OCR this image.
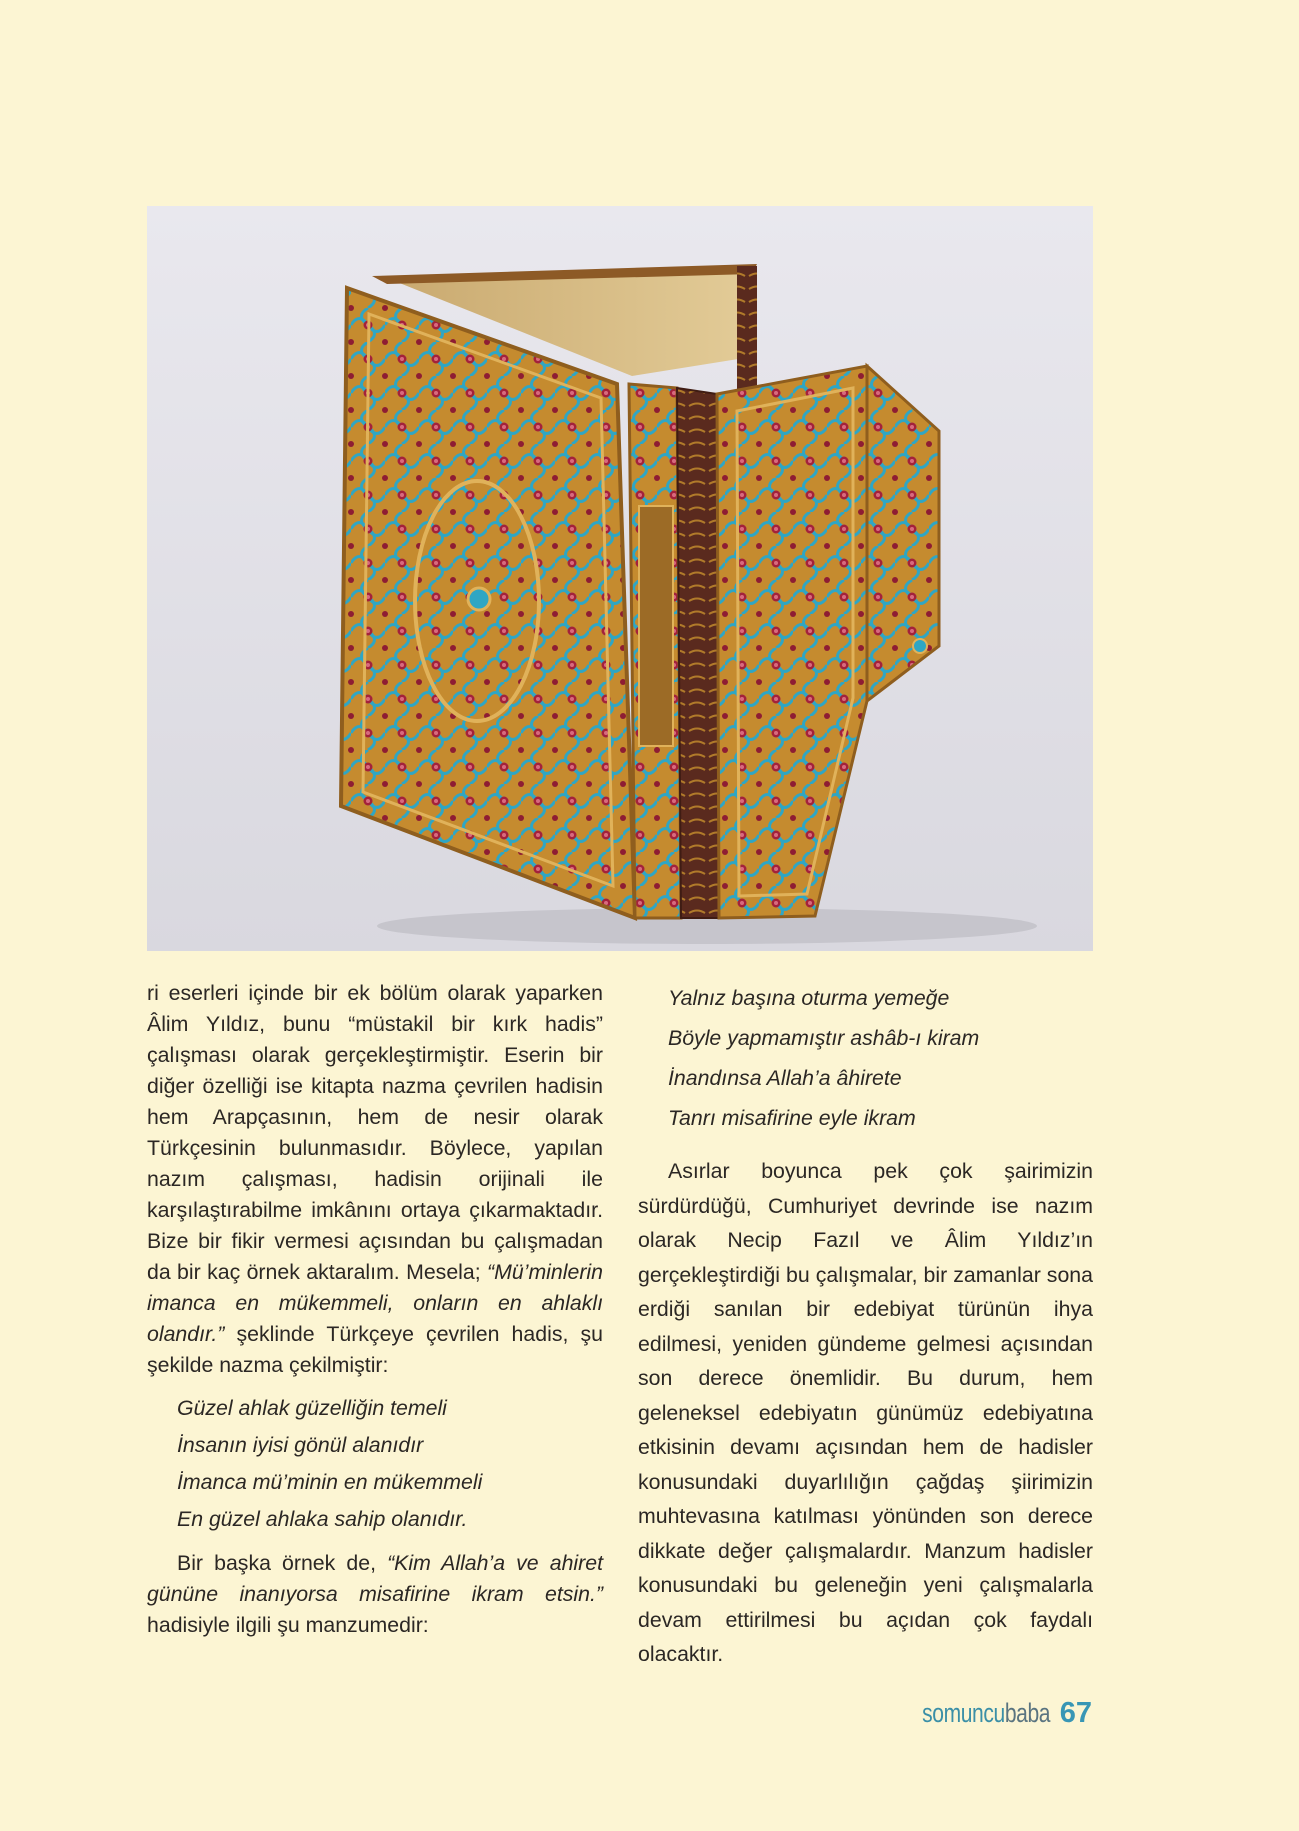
ri eserleri içinde bir ek bölüm olarak yaparken Âlim Yıldız, bunu “müstakil bir kırk hadis” çalışması olarak gerçekleştirmiştir. Eserin bir diğer özelliği ise kitapta nazma çevrilen hadisin hem Arapçasının, hem de nesir olarak Türkçesinin bulunmasıdır. Böylece, yapılan nazım çalışması, hadisin orijinali ile karşılaştırabilme imkânını ortaya çıkarmaktadır. Bize bir fikir vermesi açısından bu çalışmadan da bir kaç örnek aktaralım. Mesela; “Mü’minlerin imanca en mükemmeli, onların en ahlaklı olandır.” şeklinde Türkçeye çevrilen hadis, şu şekilde nazma çekilmiştir:

Güzel ahlak güzelliğin temeli
İnsanın iyisi gönül alanıdır
İmanca mü’minin en mükemmeli
En güzel ahlaka sahip olanıdır.

Bir başka örnek de, “Kim Allah’a ve ahiret gününe inanıyorsa misafirine ikram etsin.” hadisiyle ilgili şu manzumedir:

Yalnız başına oturma yemeğe
Böyle yapmamıştır ashâb-ı kiram
İnandınsa Allah’a âhirete
Tanrı misafirine eyle ikram

Asırlar boyunca pek çok şairimizin sürdürdüğü, Cumhuriyet devrinde ise nazım olarak Necip Fazıl ve Âlim Yıldız’ın gerçekleştirdiği bu çalışmalar, bir zamanlar sona erdiği sanılan bir edebiyat türünün ihya edilmesi, yeniden gündeme gelmesi açısından son derece önemlidir. Bu durum, hem geleneksel edebiyatın günümüz edebiyatına etkisinin devamı açısından hem de hadisler konusundaki duyarlılığın çağdaş şiirimizin muhtevasına katılması yönünden son derece dikkate değer çalışmalardır. Manzum hadisler konusundaki bu geleneğin yeni çalışmalarla devam ettirilmesi bu açıdan çok faydalı olacaktır.

somuncubaba 67
